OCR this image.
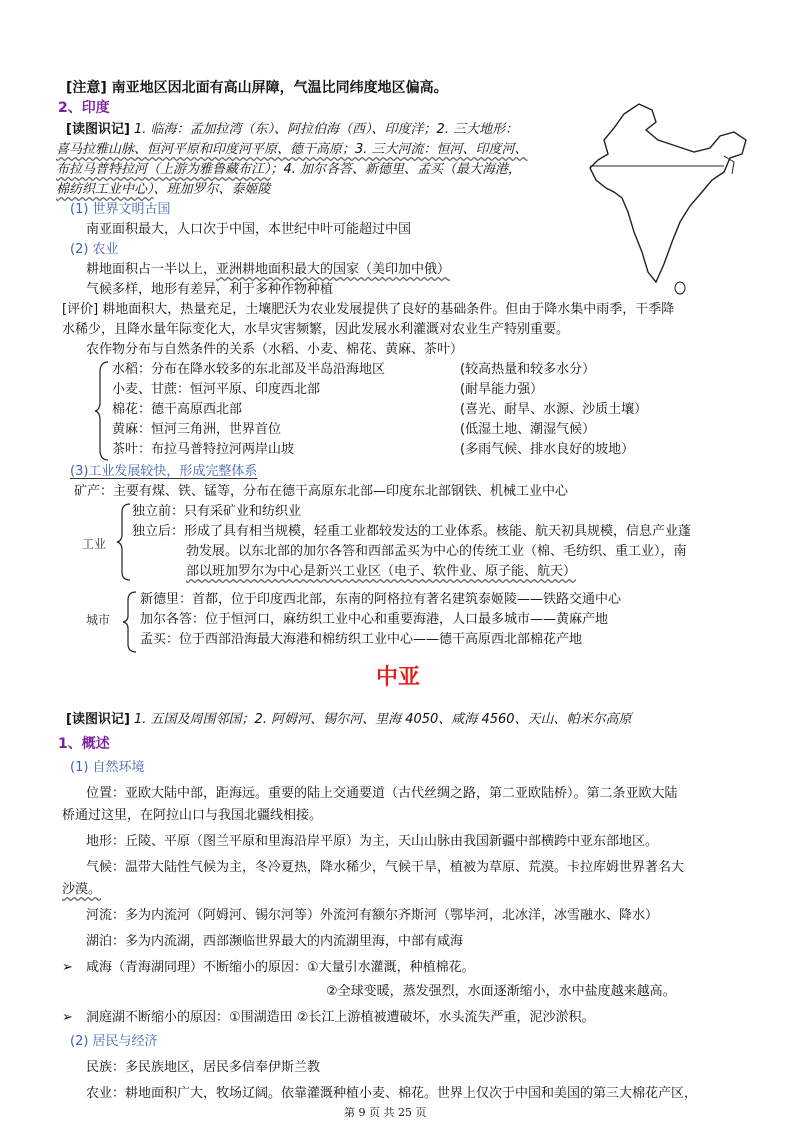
[注意] 南亚地区因北面有高山屏障，气温比同纬度地区偏高。
2、印度
[读图识记] 1. 临海：孟加拉湾（东）、阿拉伯海（西）、印度洋；2. 三大地形：
喜马拉雅山脉、恒河平原和印度河平原、德干高原；3. 三大河流：恒河、印度河、
布拉马普特拉河（上游为雅鲁藏布江）；4. 加尔各答、新德里、孟买（最大海港，
棉纺织工业中心）、班加罗尔、泰姬陵
(1) 世界文明古国
南亚面积最大，人口次于中国，本世纪中叶可能超过中国
(2) 农业
耕地面积占一半以上，亚洲耕地面积最大的国家（美印加中俄）
气候多样，地形有差异，利于多种作物种植
[评价] 耕地面积大，热量充足，土壤肥沃为农业发展提供了良好的基础条件。但由于降水集中雨季，干季降
水稀少，且降水量年际变化大，水旱灾害频繁，因此发展水利灌溉对农业生产特别重要。
农作物分布与自然条件的关系（水稻、小麦、棉花、黄麻、茶叶）
水稻：分布在降水较多的东北部及半岛沿海地区	(较高热量和较多水分）
小麦、甘蔗：恒河平原、印度西北部	(耐旱能力强）
棉花：德干高原西北部	(喜光、耐旱、水源、沙质土壤）
黄麻：恒河三角洲，世界首位	(低湿土地、潮湿气候）
茶叶：布拉马普特拉河两岸山坡	(多雨气候、排水良好的坡地）
(3)工业发展较快，形成完整体系
矿产：主要有煤、铁、锰等，分布在德干高原东北部—印度东北部钢铁、机械工业中心
工业
独立前：只有采矿业和纺织业
独立后：形成了具有相当规模，轻重工业都较发达的工业体系。核能、航天初具规模，信息产业蓬
勃发展。以东北部的加尔各答和西部孟买为中心的传统工业（棉、毛纺织、重工业），南
部以班加罗尔为中心是新兴工业区（电子、软件业、原子能、航天）
城市
新德里：首都，位于印度西北部，东南的阿格拉有著名建筑泰姬陵——铁路交通中心
加尔各答：位于恒河口，麻纺织工业中心和重要海港，人口最多城市——黄麻产地
孟买：位于西部沿海最大海港和棉纺织工业中心——德干高原西北部棉花产地
中亚
[读图识记] 1. 五国及周围邻国；2. 阿姆河、锡尔河、里海 4050、咸海 4560、天山、帕米尔高原
1、概述
(1) 自然环境
位置：亚欧大陆中部，距海远。重要的陆上交通要道（古代丝绸之路，第二亚欧陆桥）。第二条亚欧大陆
桥通过这里，在阿拉山口与我国北疆线相接。
地形：丘陵、平原（图兰平原和里海沿岸平原）为主，天山山脉由我国新疆中部横跨中亚东部地区。
气候：温带大陆性气候为主，冬冷夏热，降水稀少，气候干旱，植被为草原、荒漠。卡拉库姆世界著名大
沙漠。
河流：多为内流河（阿姆河、锡尔河等）外流河有额尔齐斯河（鄂毕河，北冰洋，冰雪融水、降水）
湖泊：多为内流湖，西部濒临世界最大的内流湖里海，中部有咸海
➢ 咸海（青海湖同理）不断缩小的原因：①大量引水灌溉，种植棉花。
②全球变暖，蒸发强烈，水面逐渐缩小，水中盐度越来越高。
➢ 洞庭湖不断缩小的原因：①围湖造田 ②长江上游植被遭破坏，水头流失严重，泥沙淤积。
(2) 居民与经济
民族：多民族地区，居民多信奉伊斯兰教
农业：耕地面积广大，牧场辽阔。依靠灌溉种植小麦、棉花。世界上仅次于中国和美国的第三大棉花产区，
第 9 页 共 25 页
